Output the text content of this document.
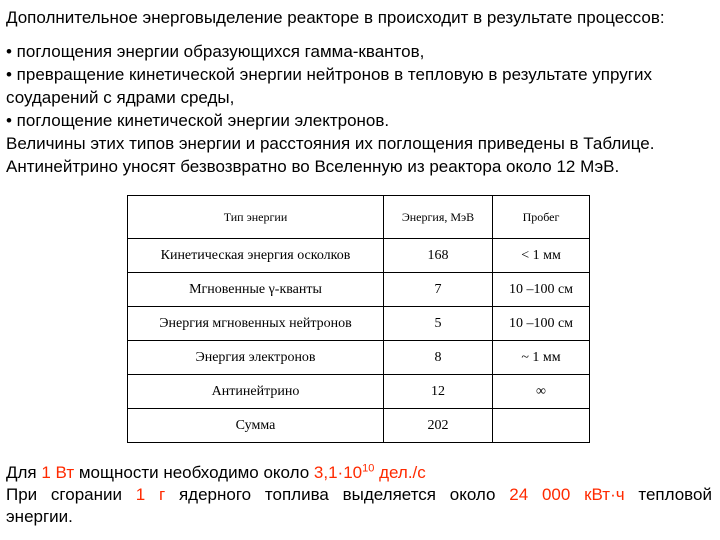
Дополнительное энерговыделение реакторе в происходит в результате процессов:
• поглощения энергии образующихся гамма-квантов,
• превращение кинетической энергии нейтронов в тепловую в результате упругих
соударений с ядрами среды,
• поглощение кинетической энергии электронов.
Величины этих типов энергии и расстояния их поглощения приведены в Таблице.
Антинейтрино уносят безвозвратно во Вселенную из реактора около 12 МэВ.
Тип энергии	Энергия, МэВ	Пробег
Кинетическая энергия осколков	168	< 1 мм
Мгновенные γ-кванты	7	10 –100 см
Энергия мгновенных нейтронов	5	10 –100 см
Энергия электронов	8	~ 1 мм
Антинейтрино	12	∞
Сумма	202	
Для 1 Вт мощности необходимо около $3,1\cdot 10^{10}$ дел./с
При сгорании 1 г ядерного топлива выделяется около 24 000 кВт·ч тепловой
энергии.
